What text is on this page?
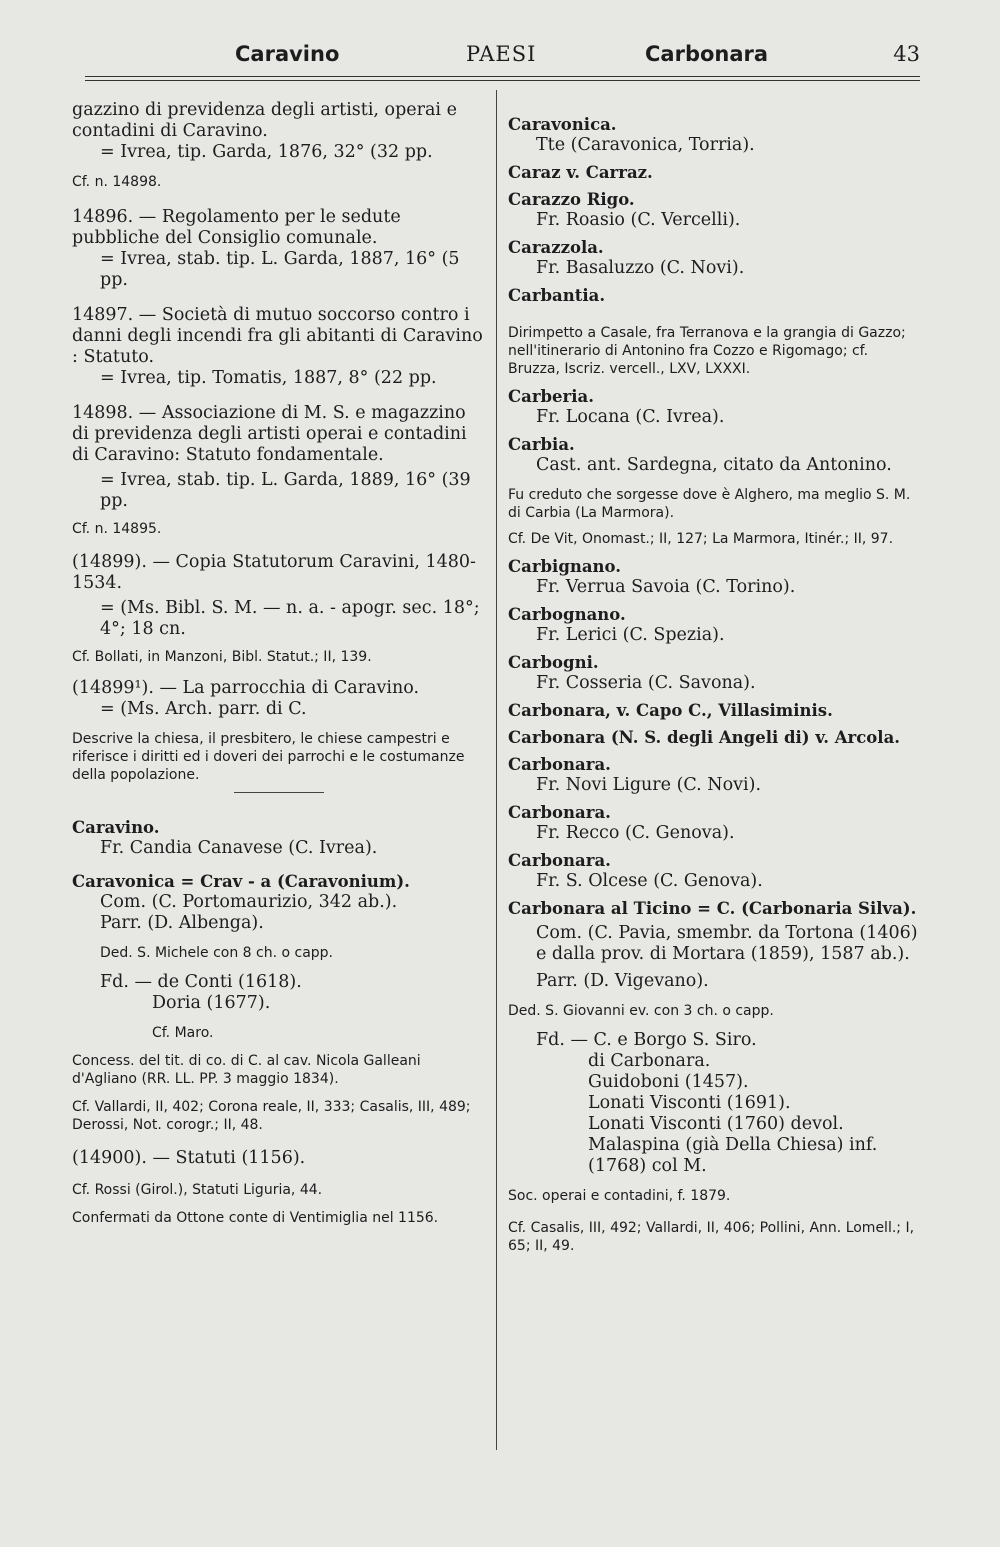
Caravino	PAESI	Carbonara	43

gazzino di previdenza degli artisti, operai e contadini di Caravino.

= Ivrea, tip. Garda, 1876, 32° (32 pp.

Cf. n. 14898.

14896. — Regolamento per le sedute pubbliche del Consiglio comunale.

= Ivrea, stab. tip. L. Garda, 1887, 16° (5 pp.

14897. — Società di mutuo soccorso contro i danni degli incendi fra gli abitanti di Caravino : Statuto.

= Ivrea, tip. Tomatis, 1887, 8° (22 pp.

14898. — Associazione di M. S. e magazzino di previdenza degli artisti operai e contadini di Caravino: Statuto fondamentale.

= Ivrea, stab. tip. L. Garda, 1889, 16° (39 pp.

Cf. n. 14895.

(14899). — Copia Statutorum Caravini, 1480-1534.

= (Ms. Bibl. S. M. — n. a. - apogr. sec. 18°; 4°; 18 cn.

Cf. Bollati, in Manzoni, Bibl. Statut.; II, 139.

(14899¹). — La parrocchia di Caravino.

= (Ms. Arch. parr. di C.

Descrive la chiesa, il presbitero, le chiese campestri e riferisce i diritti ed i doveri dei parrochi e le costumanze della popolazione.

Caravino.

Fr. Candia Canavese (C. Ivrea).

Caravonica = Crav - a (Caravonium).

Com. (C. Portomaurizio, 342 ab.).

Parr. (D. Albenga).

Ded. S. Michele con 8 ch. o capp.

Fd. — de Conti (1618).

Doria (1677).

Cf. Maro.

Concess. del tit. di co. di C. al cav. Nicola Galleani d'Agliano (RR. LL. PP. 3 maggio 1834).

Cf. Vallardi, II, 402; Corona reale, II, 333; Casalis, III, 489; Derossi, Not. corogr.; II, 48.

(14900). — Statuti (1156).

Cf. Rossi (Girol.), Statuti Liguria, 44.

Confermati da Ottone conte di Ventimiglia nel 1156.

Caravonica.

Tte (Caravonica, Torria).

Caraz v. Carraz.

Carazzo Rigo.

Fr. Roasio (C. Vercelli).

Carazzola.

Fr. Basaluzzo (C. Novi).

Carbantia.

Dirimpetto a Casale, fra Terranova e la grangia di Gazzo; nell'itinerario di Antonino fra Cozzo e Rigomago; cf. Bruzza, Iscriz. vercell., LXV, LXXXI.

Carberia.

Fr. Locana (C. Ivrea).

Carbia.

Cast. ant. Sardegna, citato da Antonino.

Fu creduto che sorgesse dove è Alghero, ma meglio S. M. di Carbia (La Marmora).

Cf. De Vit, Onomast.; II, 127; La Marmora, Itinér.; II, 97.

Carbignano.

Fr. Verrua Savoia (C. Torino).

Carbognano.

Fr. Lerici (C. Spezia).

Carbogni.

Fr. Cosseria (C. Savona).

Carbonara, v. Capo C., Villasiminis.

Carbonara (N. S. degli Angeli di) v. Arcola.

Carbonara.

Fr. Novi Ligure (C. Novi).

Carbonara.

Fr. Recco (C. Genova).

Carbonara.

Fr. S. Olcese (C. Genova).

Carbonara al Ticino = C. (Carbonaria Silva).

Com. (C. Pavia, smembr. da Tortona (1406) e dalla prov. di Mortara (1859), 1587 ab.).

Parr. (D. Vigevano).

Ded. S. Giovanni ev. con 3 ch. o capp.

Fd. — C. e Borgo S. Siro.

di Carbonara.

Guidoboni (1457).

Lonati Visconti (1691).

Lonati Visconti (1760) devol.

Malaspina (già Della Chiesa) inf. (1768) col M.

Soc. operai e contadini, f. 1879.

Cf. Casalis, III, 492; Vallardi, II, 406; Pollini, Ann. Lomell.; I, 65; II, 49.
